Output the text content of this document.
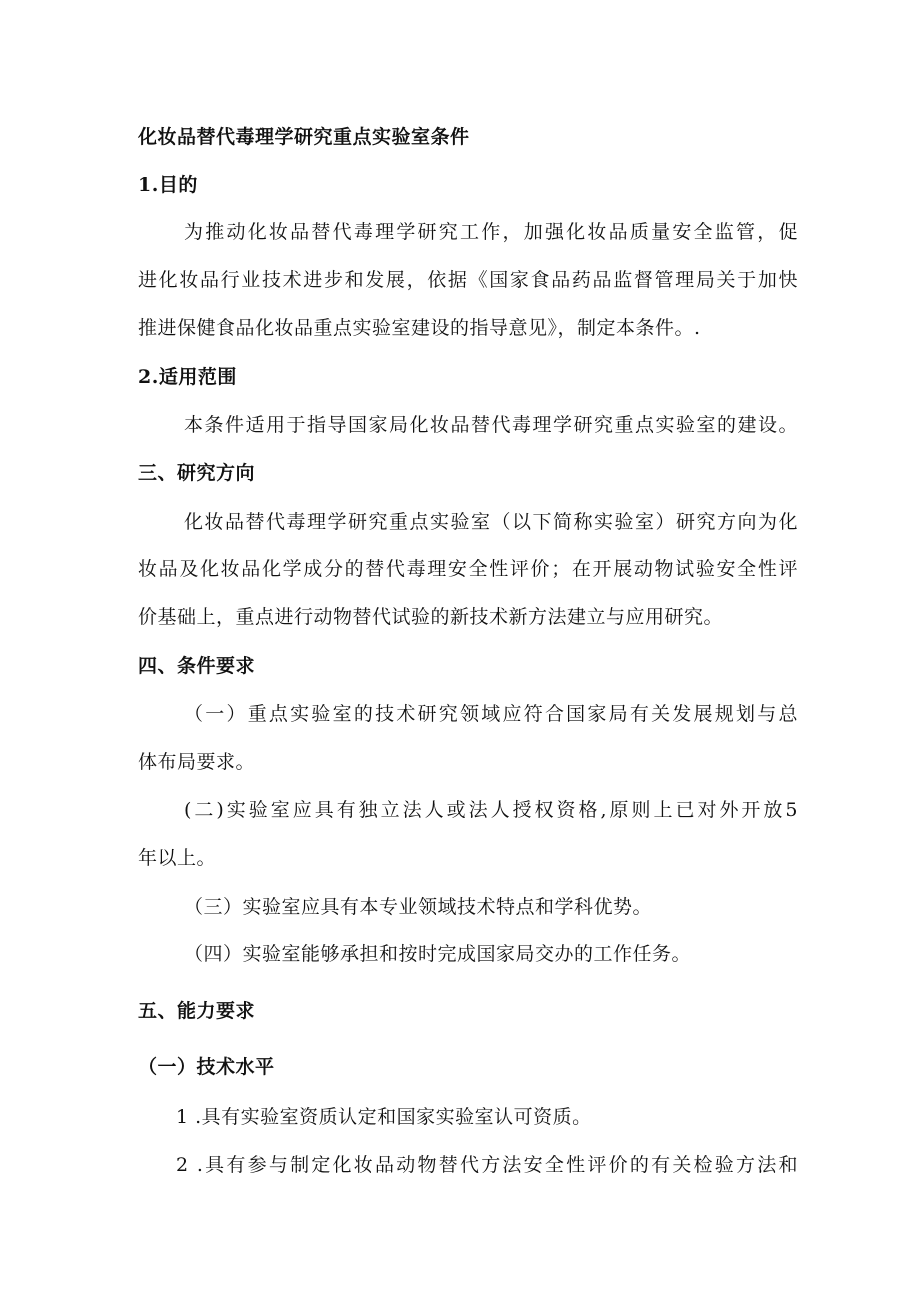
化妆品替代毒理学研究重点实验室条件
1.目的
为推动化妆品替代毒理学研究工作，加强化妆品质量安全监管，促
进化妆品行业技术进步和发展，依据《国家食品药品监督管理局关于加快
推进保健食品化妆品重点实验室建设的指导意见》，制定本条件。.
2.适用范围
本条件适用于指导国家局化妆品替代毒理学研究重点实验室的建设。
三、研究方向
化妆品替代毒理学研究重点实验室（以下简称实验室）研究方向为化
妆品及化妆品化学成分的替代毒理安全性评价；在开展动物试验安全性评
价基础上，重点进行动物替代试验的新技术新方法建立与应用研究。
四、条件要求
（一）重点实验室的技术研究领域应符合国家局有关发展规划与总
体布局要求。
(二)实验室应具有独立法人或法人授权资格,原则上已对外开放5
年以上。
（三）实验室应具有本专业领域技术特点和学科优势。
（四）实验室能够承担和按时完成国家局交办的工作任务。
五、能力要求
（一）技术水平
1 .具有实验室资质认定和国家实验室认可资质。
2 .具有参与制定化妆品动物替代方法安全性评价的有关检验方法和
